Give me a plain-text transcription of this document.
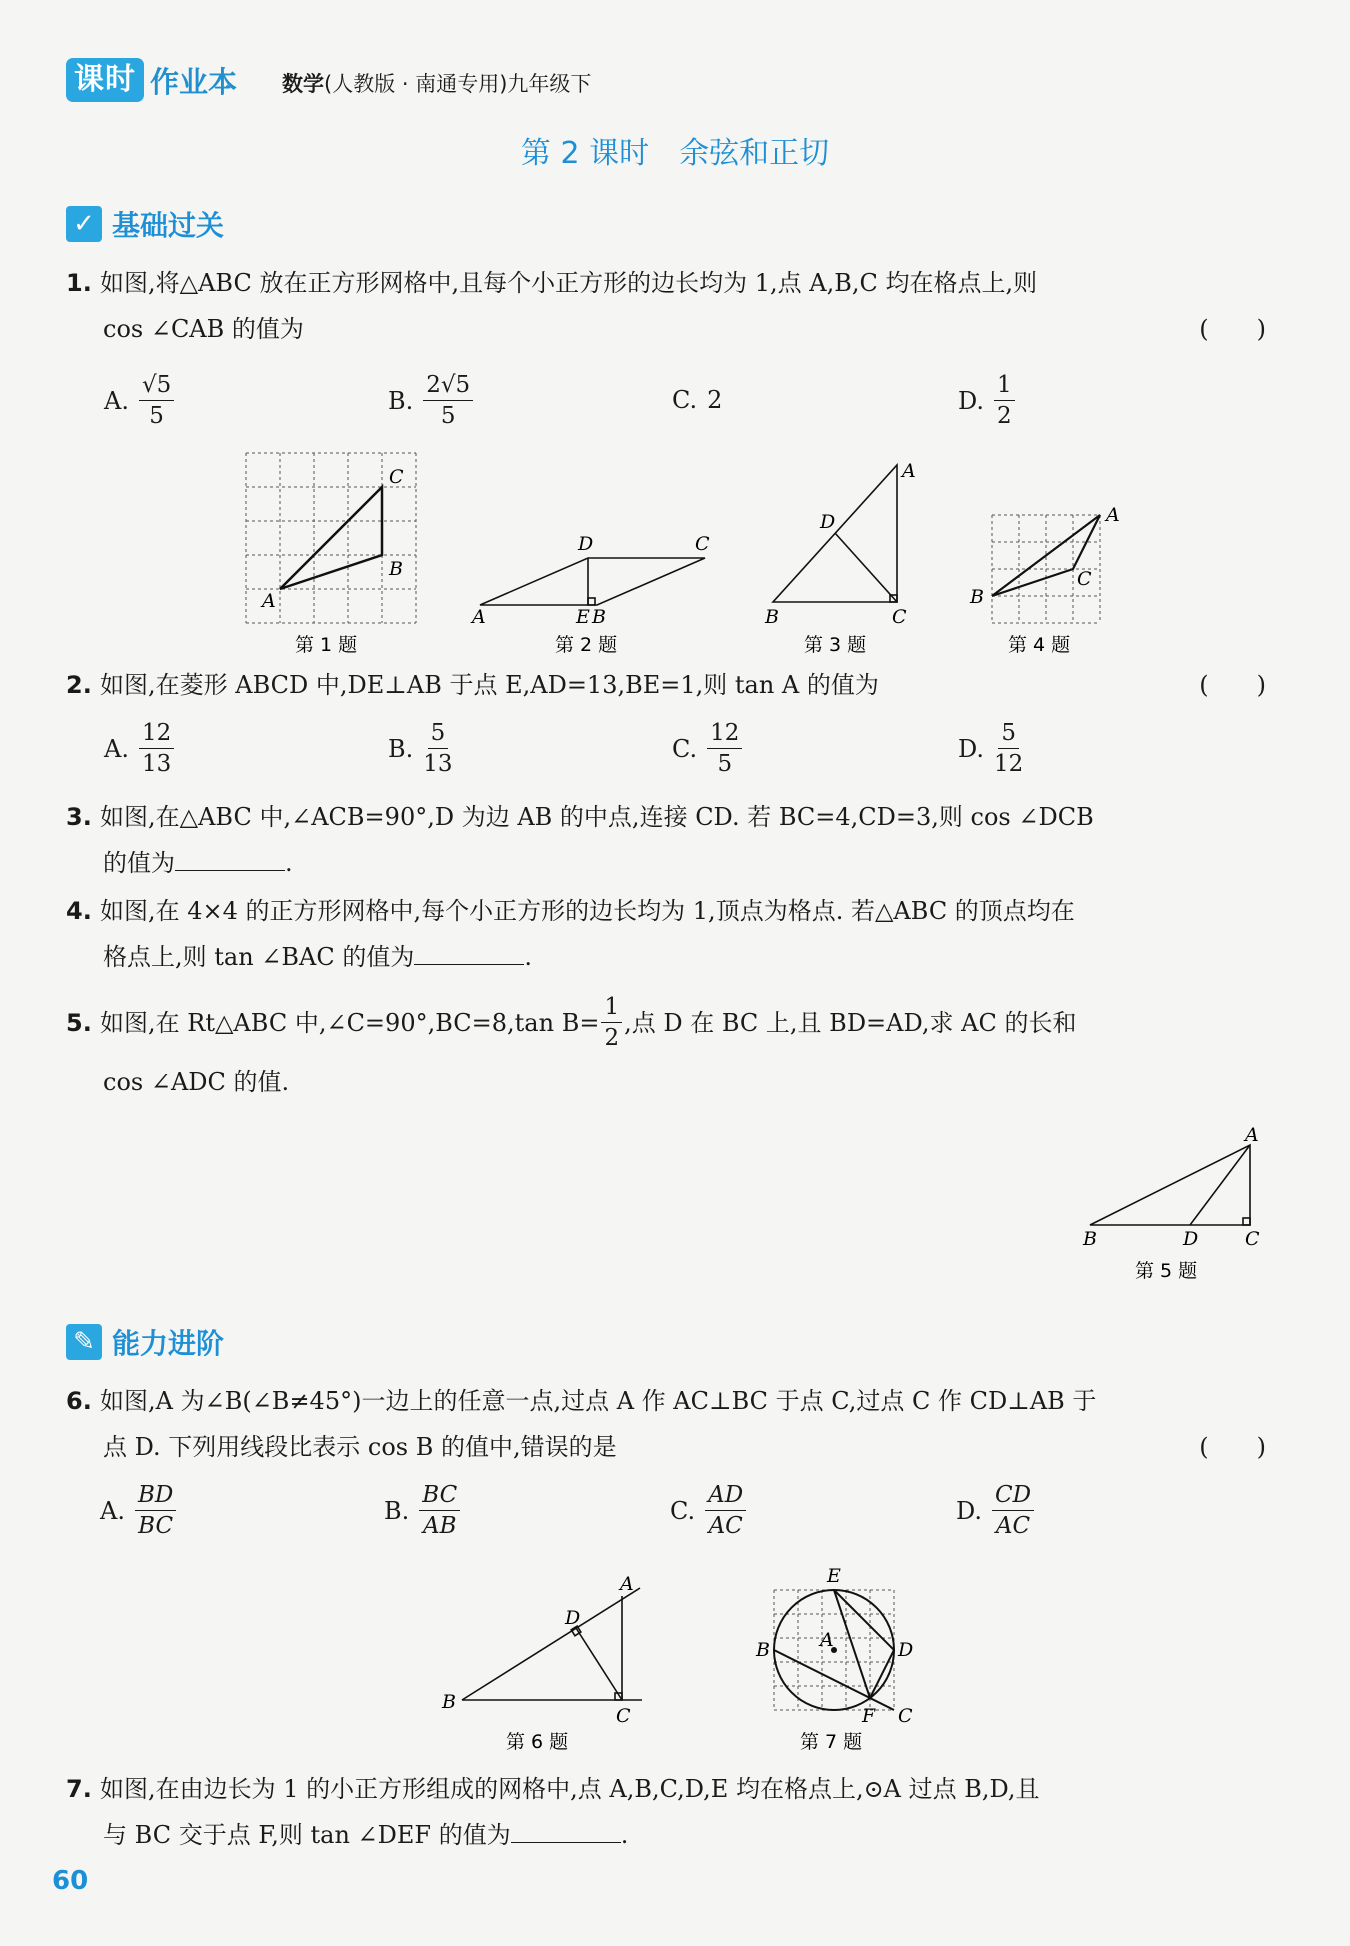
课时 作业本 数学(人教版 · 南通专用)九年级下
第 2 课时　余弦和正切
✓ 基础过关
1. 如图,将△ABC 放在正方形网格中,且每个小正方形的边长均为 1,点 A,B,C 均在格点上,则
cos ∠CAB 的值为	(　　)
A. $\frac{√5}{5}$	B. $\frac{2√5}{5}$	C. 2	D. $\frac{1}{2}$
C
B
A
A
D	C
E B
A
D
B	C
A
B
C
第 1 题	第 2 题	第 3 题	第 4 题
2. 如图,在菱形 ABCD 中,DE⊥AB 于点 E,AD=13,BE=1,则 tan A 的值为	(　　)
A. $\frac{12}{13}$	B. $\frac{5}{13}$	C. $\frac{12}{5}$	D. $\frac{5}{12}$
3. 如图,在△ABC 中,∠ACB=90°,D 为边 AB 的中点,连接 CD. 若 BC=4,CD=3,则 cos ∠DCB
的值为	.
4. 如图,在 4×4 的正方形网格中,每个小正方形的边长均为 1,顶点为格点. 若△ABC 的顶点均在
格点上,则 tan ∠BAC 的值为	.
5. 如图,在 Rt△ABC 中,∠C=90°,BC=8,tan $B= \frac{1}{2}$ ,点 D 在 BC 上,且 BD=AD,求 AC 的长和
cos ∠ADC 的值.
A
B	D C
第 5 题
✎ 能力进阶
6. 如图,A 为∠B(∠B≠45°)一边上的任意一点,过点 A 作 AC⊥BC 于点 C,过点 C 作 CD⊥AB 于
点 D. 下列用线段比表示 cos B 的值中,错误的是	(　　)
A. $\frac{BD}{BC}$	B. $\frac{BC}{AB}$	C. $\frac{AD}{AC}$	D. $\frac{CD}{AC}$
A
D
B
C
E
B	A	D
F C
第 6 题	第 7 题
7. 如图,在由边长为 1 的小正方形组成的网格中,点 A,B,C,D,E 均在格点上,⊙A 过点 B,D,且
与 BC 交于点 F,则 tan ∠DEF 的值为	.
60
